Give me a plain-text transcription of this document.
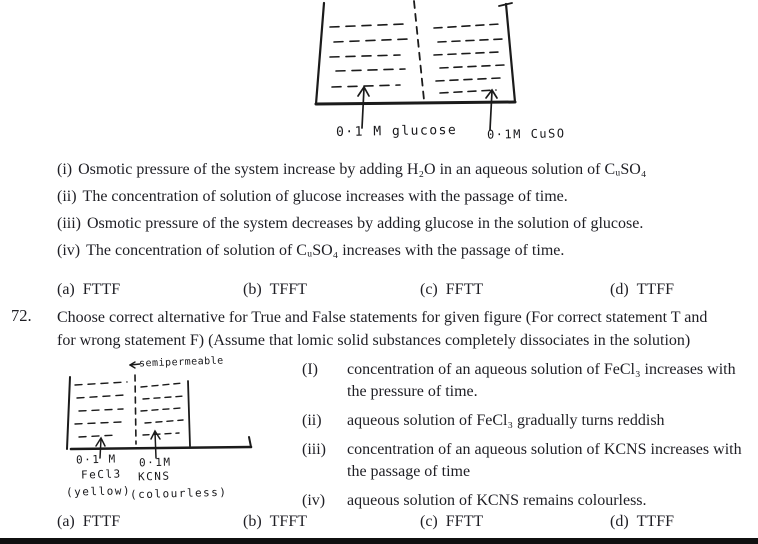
0·1 M glucose 0·1M CuSO
(i) Osmotic pressure of the system increase by adding H₂O in an aqueous solution of CᵤSO₄
(ii) The concentration of solution of glucose increases with the passage of time.
(iii) Osmotic pressure of the system decreases by adding glucose in the solution of glucose.
(iv) The concentration of solution of CᵤSO₄ increases with the passage of time.
(a) FTTF	(b) TFFT	(c) FFTT	(d) TTFF
72. Choose correct alternative for True and False statements for given figure (For correct statement T and
for wrong statement F) (Assume that lomic solid substances completely dissociates in the solution)
semipermeable
0·1 M
FeCl3
(yellow)
0·1M
KCNS
(colourless)
(I)	concentration of an aqueous solution of FeCl₃ increases with the pressure of time.
(ii)	aqueous solution of FeCl₃ gradually turns reddish
(iii)	concentration of an aqueous solution of KCNS increases with the passage of time
(iv)	aqueous solution of KCNS remains colourless.
(a) FTTF	(b) TFFT	(c) FFTT	(d) TTFF
